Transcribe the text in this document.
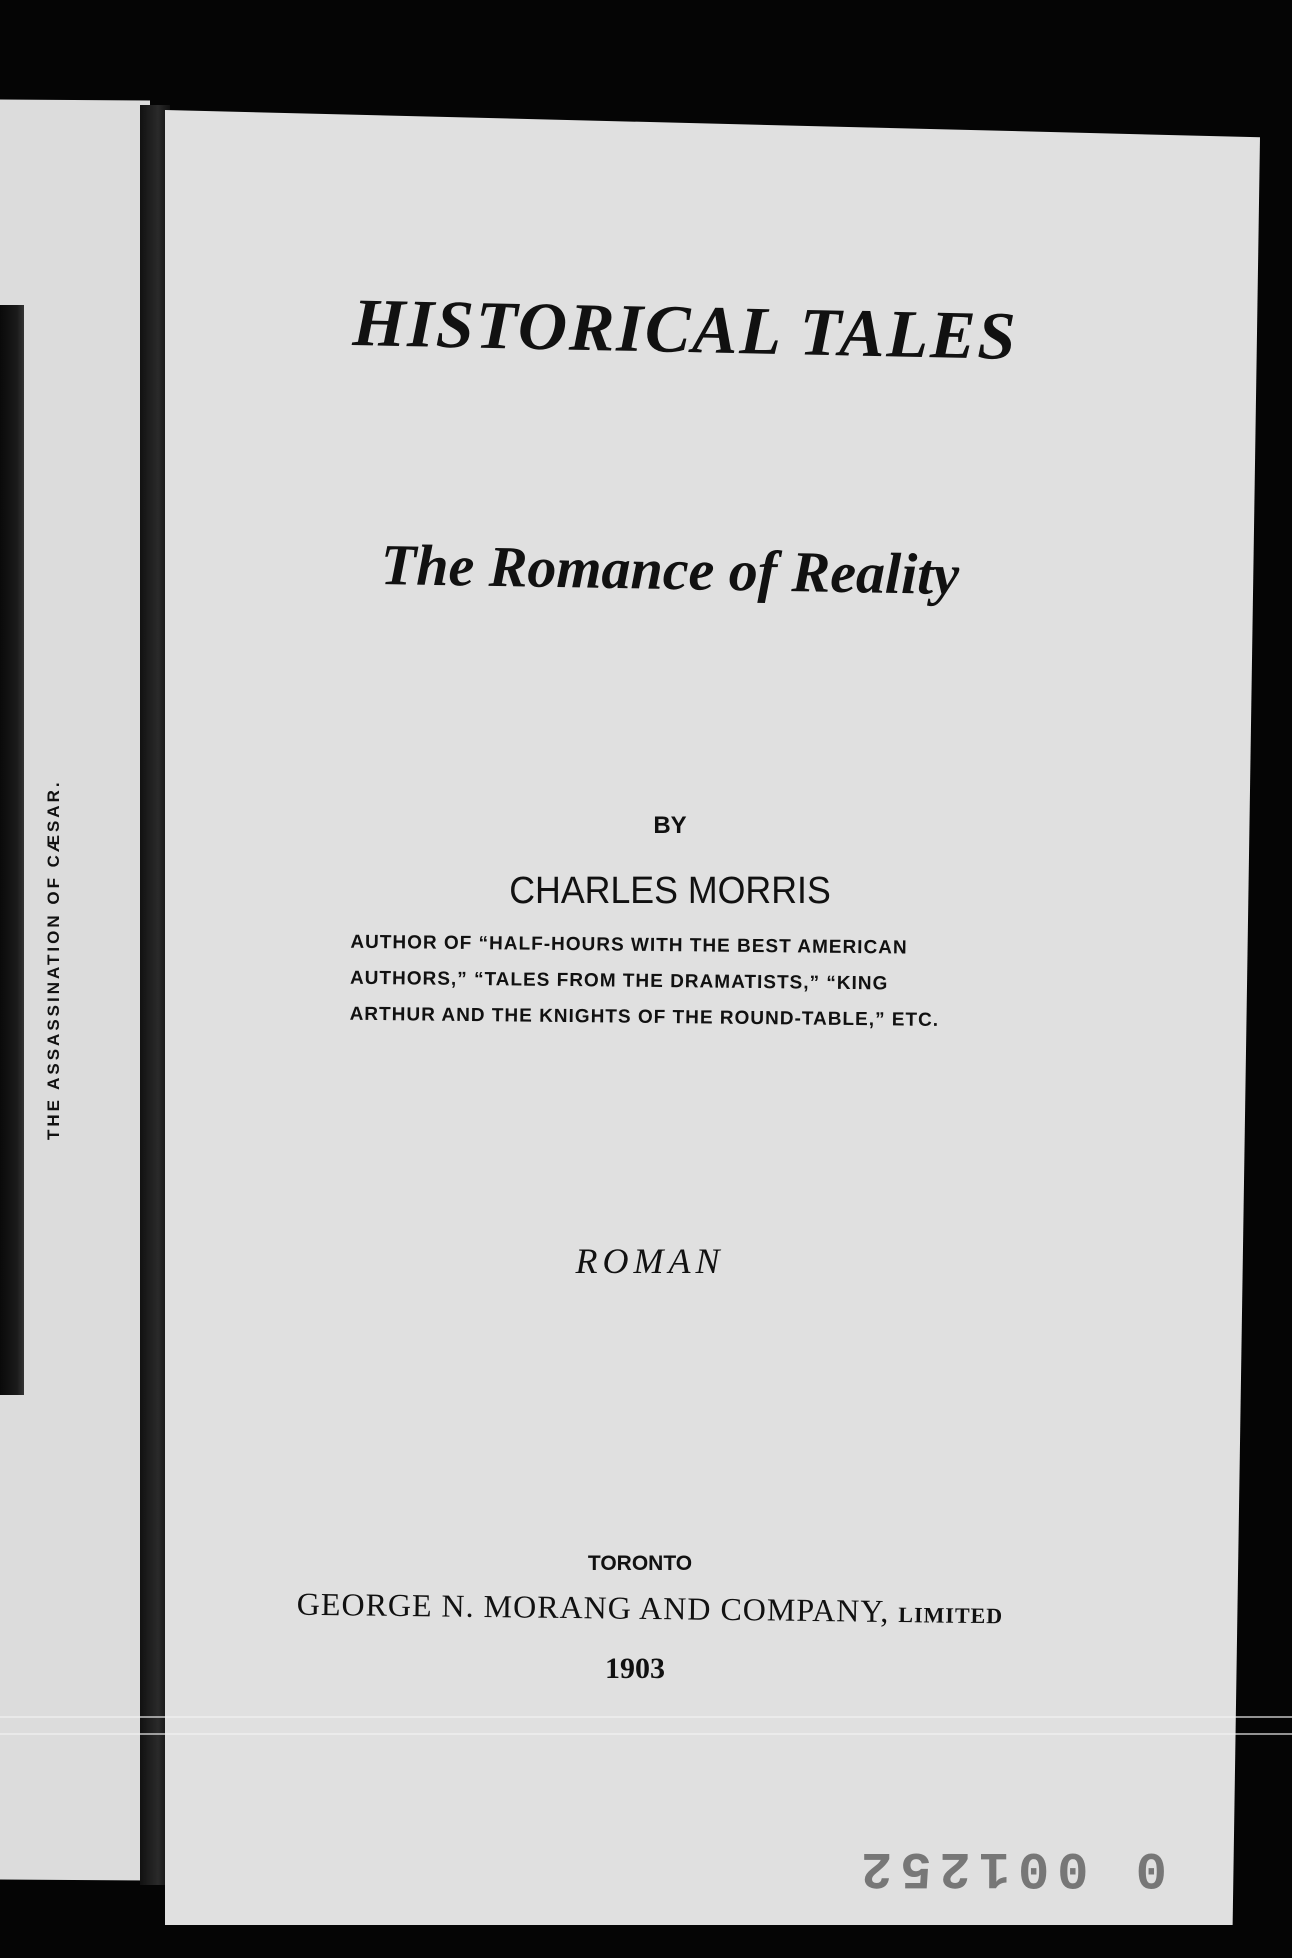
THE ASSASSINATION OF CÆSAR.
HISTORICAL TALES
The Romance of Reality
BY
CHARLES MORRIS
AUTHOR OF “HALF-HOURS WITH THE BEST AMERICAN
AUTHORS,” “TALES FROM THE DRAMATISTS,” “KING
ARTHUR AND THE KNIGHTS OF THE ROUND-TABLE,” ETC.
ROMAN
TORONTO
GEORGE N. MORANG AND COMPANY, LIMITED
1903
0 001252
